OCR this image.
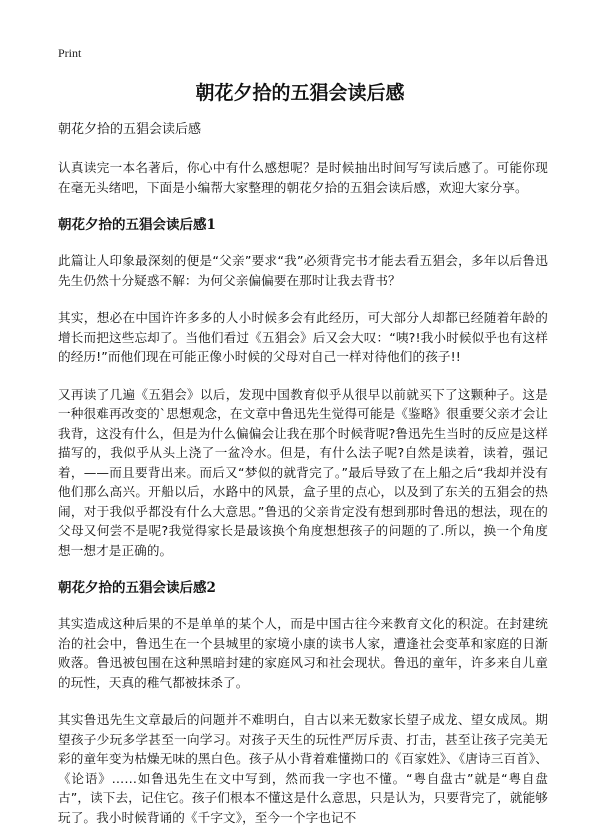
Print
朝花夕拾的五猖会读后感

朝花夕拾的五猖会读后感

认真读完一本名著后，你心中有什么感想呢？是时候抽出时间写写读后感了。可能你现在毫无头绪吧，下面是小编帮大家整理的朝花夕拾的五猖会读后感，欢迎大家分享。

朝花夕拾的五猖会读后感1

此篇让人印象最深刻的便是“父亲”要求“我”必须背完书才能去看五猖会，多年以后鲁迅先生仍然十分疑惑不解：为何父亲偏偏要在那时让我去背书？

其实，想必在中国许许多多的人小时候多会有此经历，可大部分人却都已经随着年龄的增长而把这些忘却了。当他们看过《五猖会》后又会大叹：“咦?!我小时候似乎也有这样的经历!”而他们现在可能正像小时候的父母对自己一样对待他们的孩子!!

又再读了几遍《五猖会》以后，发现中国教育似乎从很早以前就买下了这颗种子。这是一种很难再改变的`思想观念，在文章中鲁迅先生觉得可能是《鉴略》很重要父亲才会让我背，这没有什么，但是为什么偏偏会让我在那个时候背呢?鲁迅先生当时的反应是这样描写的，我似乎从头上浇了一盆冷水。但是，有什么法子呢?自然是读着，读着，强记着，——而且要背出来。而后又“梦似的就背完了。”最后导致了在上船之后“我却并没有他们那么高兴。开船以后，水路中的风景，盒子里的点心，以及到了东关的五猖会的热闹，对于我似乎都没有什么大意思。”鲁迅的父亲肯定没有想到那时鲁迅的想法，现在的父母又何尝不是呢?我觉得家长是最该换个角度想想孩子的问题的了.所以，换一个角度想一想才是正确的。

朝花夕拾的五猖会读后感2

其实造成这种后果的不是单单的某个人，而是中国古往今来教育文化的积淀。在封建统治的社会中，鲁迅生在一个县城里的家境小康的读书人家，遭逢社会变革和家庭的日渐败落。鲁迅被包围在这种黑暗封建的家庭风习和社会现状。鲁迅的童年，许多来自儿童的玩性，天真的稚气都被抹杀了。

其实鲁迅先生文章最后的问题并不难明白，自古以来无数家长望子成龙、望女成凤。期望孩子少玩多学甚至一向学习。对孩子天生的玩性严厉斥责、打击，甚至让孩子完美无彩的童年变为枯燥无味的黑白色。孩子从小背着难懂拗口的《百家姓》、《唐诗三百首》、《论语》……如鲁迅先生在文中写到，然而我一字也不懂。“粤自盘古”就是“粤自盘古”，读下去，记住它。孩子们根本不懂这是什么意思，只是认为，只要背完了，就能够玩了。我小时候背诵的《千字文》，至今一个字也记不
